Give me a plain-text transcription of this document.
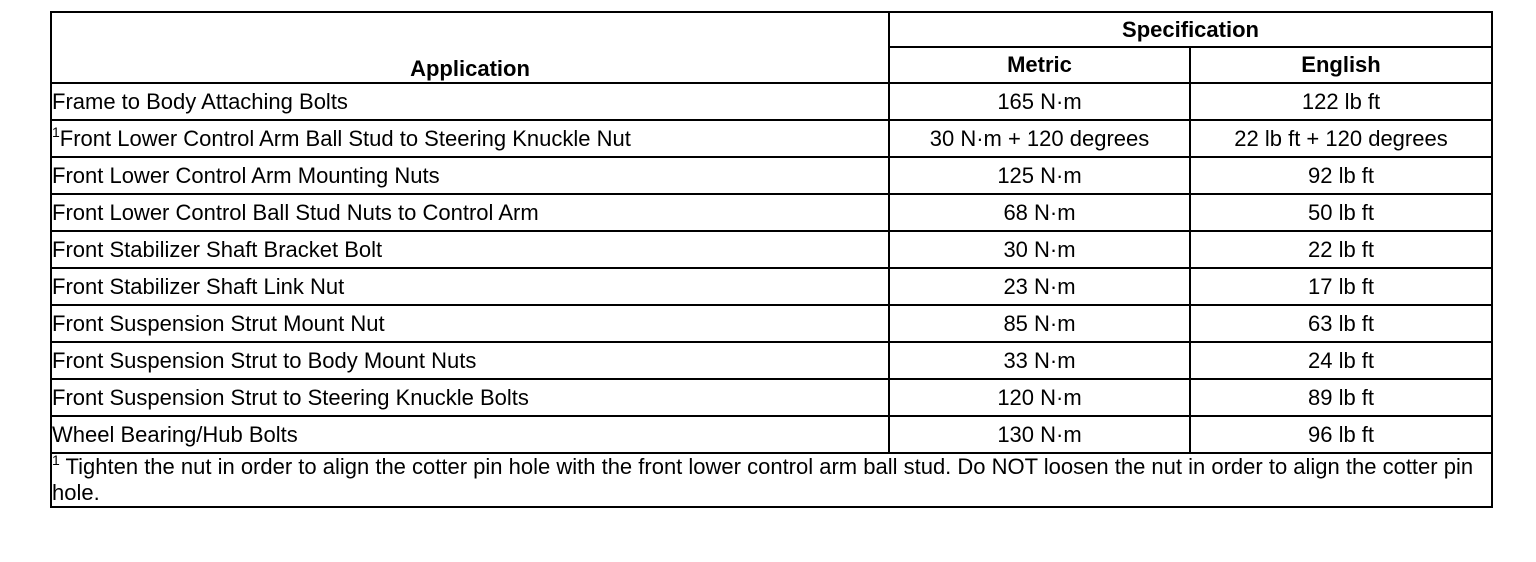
Application	Specification	
	Metric	English
Frame to Body Attaching Bolts	165 N·m	122 lb ft
$^1$Front Lower Control Arm Ball Stud to Steering Knuckle Nut	30 N·m + 120 degrees	22 lb ft + 120 degrees
Front Lower Control Arm Mounting Nuts	125 N·m	92 lb ft
Front Lower Control Ball Stud Nuts to Control Arm	68 N·m	50 lb ft
Front Stabilizer Shaft Bracket Bolt	30 N·m	22 lb ft
Front Stabilizer Shaft Link Nut	23 N·m	17 lb ft
Front Suspension Strut Mount Nut	85 N·m	63 lb ft
Front Suspension Strut to Body Mount Nuts	33 N·m	24 lb ft
Front Suspension Strut to Steering Knuckle Bolts	120 N·m	89 lb ft
Wheel Bearing/Hub Bolts	130 N·m	96 lb ft
$^1$ Tighten the nut in order to align the cotter pin hole with the front lower control arm ball stud. Do NOT loosen the nut in order to align the cotter pin hole.		
